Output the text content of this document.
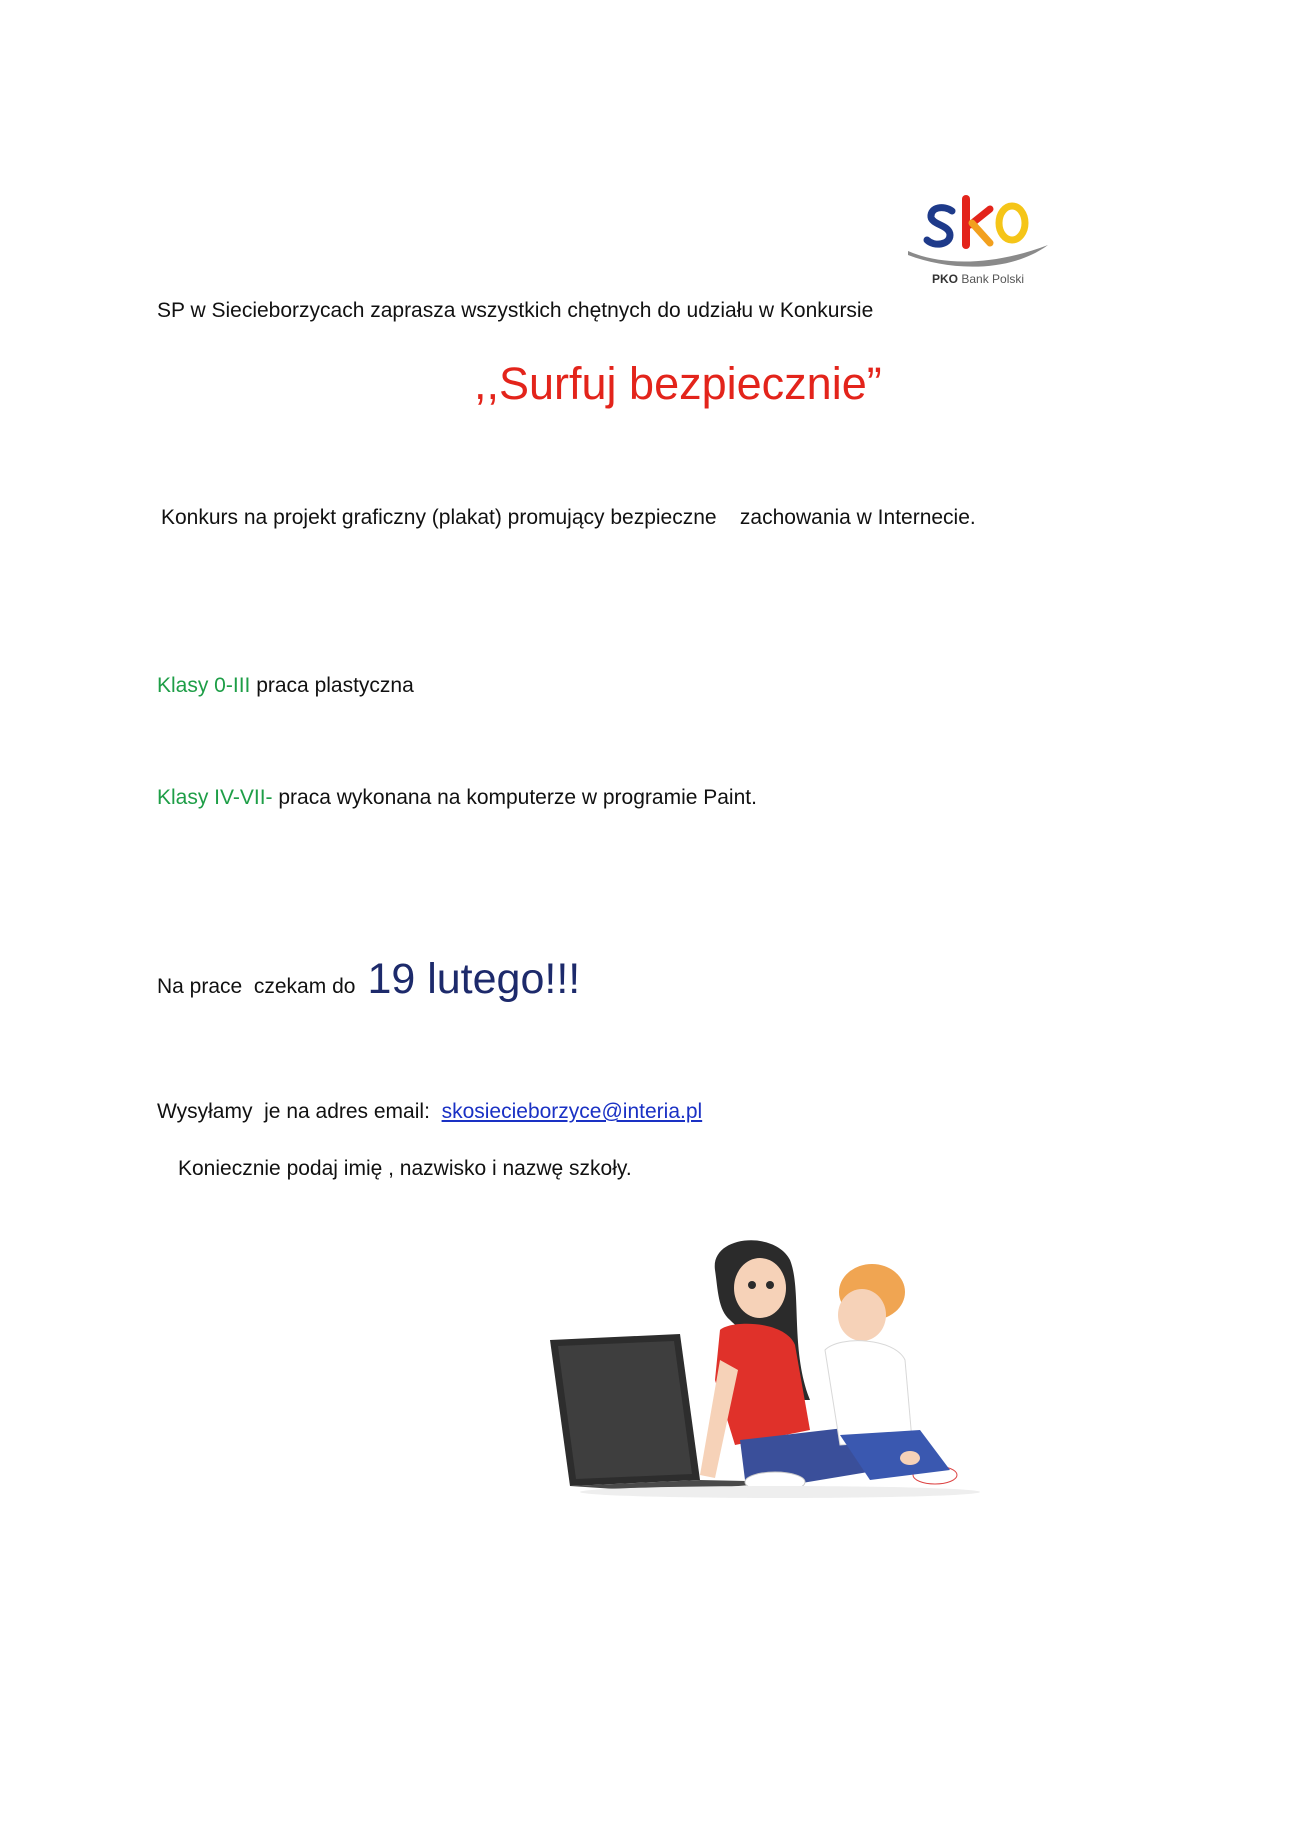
PKO Bank Polski
SP w Siecieborzycach zaprasza wszystkich chętnych do udziału w Konkursie
,,Surfuj bezpiecznie”
Konkurs na projekt graficzny (plakat) promujący bezpieczne    zachowania w Internecie.
Klasy 0-III praca plastyczna
Klasy IV-VII- praca wykonana na komputerze w programie Paint.
Na prace  czekam do 19 lutego!!!
Wysyłamy  je na adres email:  skosiecieborzyce@interia.pl
Koniecznie podaj imię , nazwisko i nazwę szkoły.
